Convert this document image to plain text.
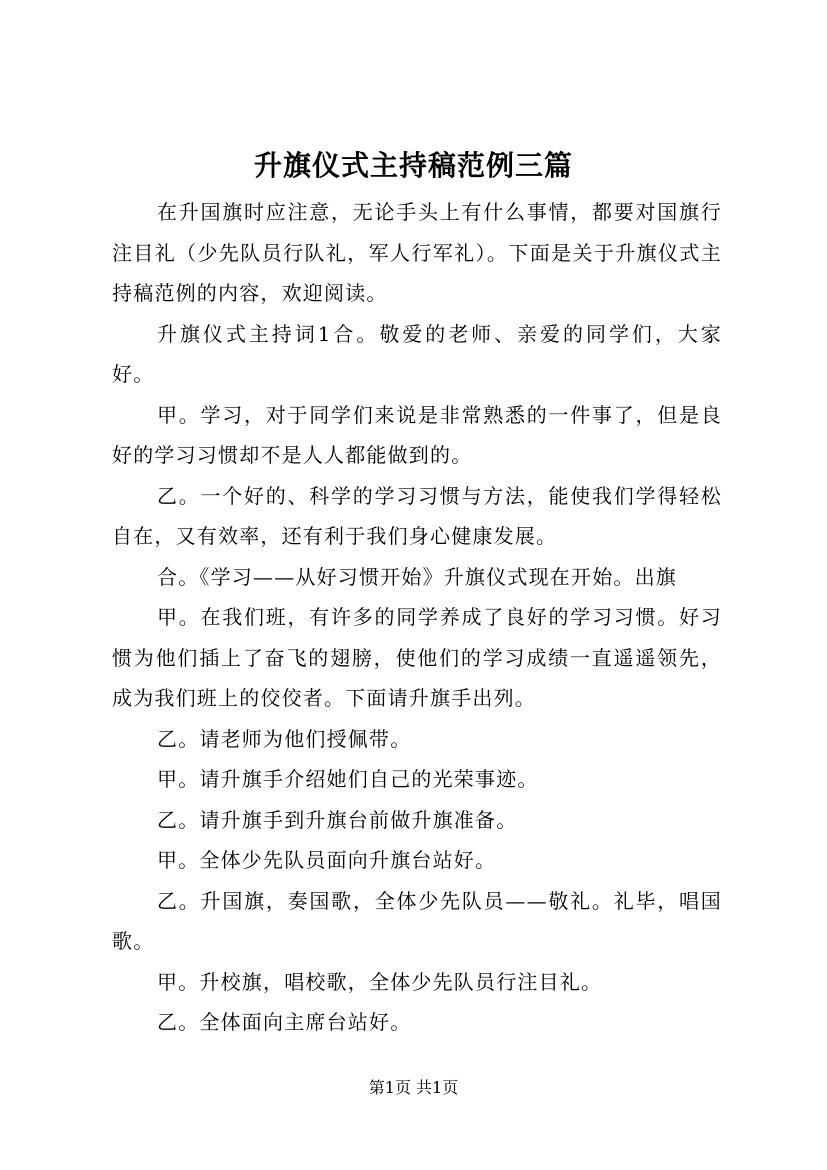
升旗仪式主持稿范例三篇

在升国旗时应注意，无论手头上有什么事情，都要对国旗行注目礼（少先队员行队礼，军人行军礼）。下面是关于升旗仪式主持稿范例的内容，欢迎阅读。

升旗仪式主持词1合。敬爱的老师、亲爱的同学们，大家好。

甲。学习，对于同学们来说是非常熟悉的一件事了，但是良好的学习习惯却不是人人都能做到的。

乙。一个好的、科学的学习习惯与方法，能使我们学得轻松自在，又有效率，还有利于我们身心健康发展。

合。《学习——从好习惯开始》升旗仪式现在开始。出旗

甲。在我们班，有许多的同学养成了良好的学习习惯。好习惯为他们插上了奋飞的翅膀，使他们的学习成绩一直遥遥领先，成为我们班上的佼佼者。下面请升旗手出列。

乙。请老师为他们授佩带。

甲。请升旗手介绍她们自己的光荣事迹。

乙。请升旗手到升旗台前做升旗准备。

甲。全体少先队员面向升旗台站好。

乙。升国旗，奏国歌，全体少先队员——敬礼。礼毕，唱国歌。

甲。升校旗，唱校歌，全体少先队员行注目礼。

乙。全体面向主席台站好。

第1页 共1页
